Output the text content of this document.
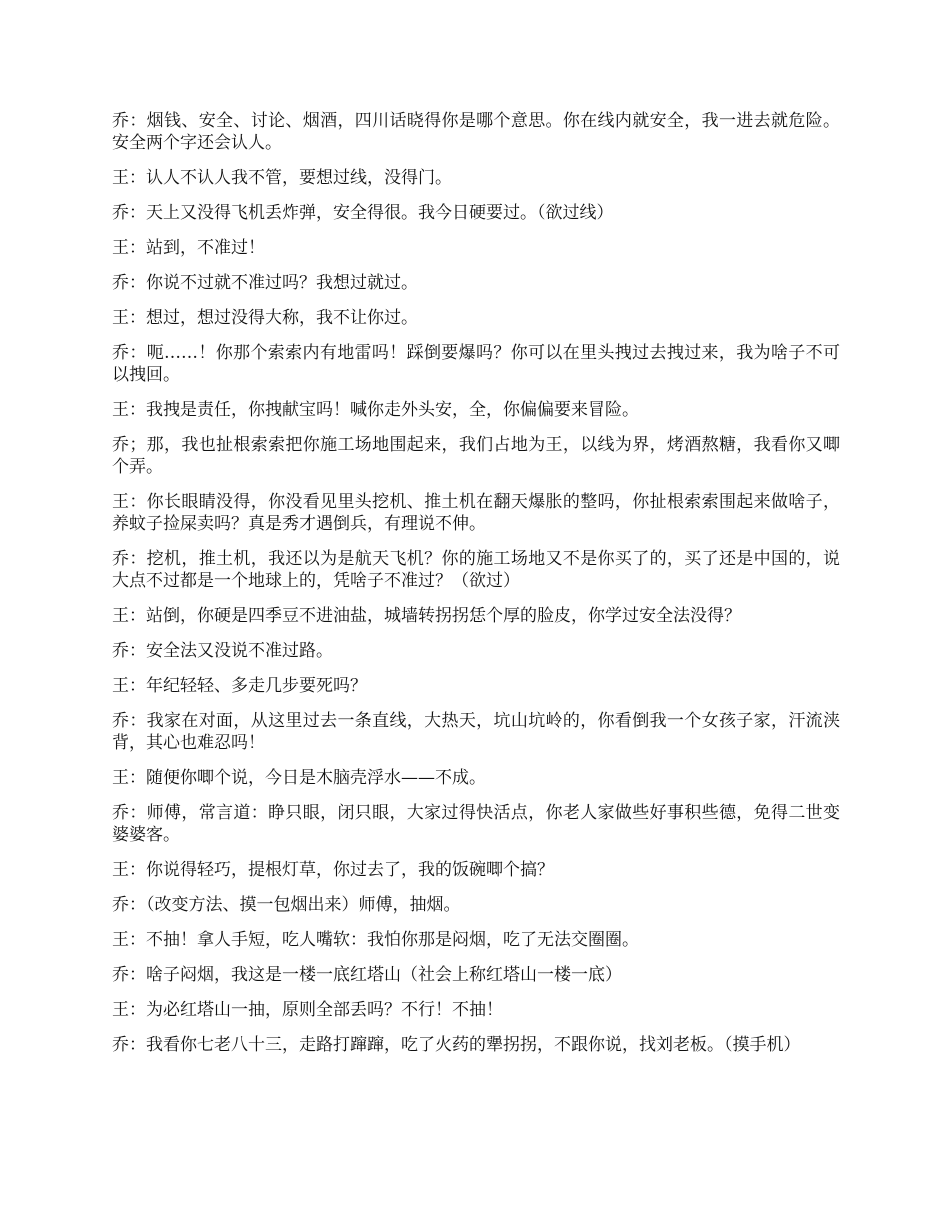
乔：烟钱、安全、讨论、烟酒，四川话晓得你是哪个意思。你在线内就安全，我一进去就危险。安全两个字还会认人。

王：认人不认人我不管，要想过线，没得门。

乔：天上又没得飞机丢炸弹，安全得很。我今日硬要过。（欲过线）

王：站到，不准过！

乔：你说不过就不准过吗？我想过就过。

王：想过，想过没得大称，我不让你过。

乔：呃……！你那个索索内有地雷吗！踩倒要爆吗？你可以在里头拽过去拽过来，我为啥子不可以拽回。

王：我拽是责任，你拽献宝吗！喊你走外头安，全，你偏偏要来冒险。

乔；那，我也扯根索索把你施工场地围起来，我们占地为王，以线为界，烤酒熬糖，我看你又唧个弄。

王：你长眼睛没得，你没看见里头挖机、推土机在翻天爆胀的整吗，你扯根索索围起来做啥子，养蚊子捡屎卖吗？真是秀才遇倒兵，有理说不伸。

乔：挖机，推土机，我还以为是航天飞机？你的施工场地又不是你买了的，买了还是中国的，说大点不过都是一个地球上的，凭啥子不准过？（欲过）

王：站倒，你硬是四季豆不进油盐，城墙转拐拐恁个厚的脸皮，你学过安全法没得？

乔：安全法又没说不准过路。

王：年纪轻轻、多走几步要死吗？

乔：我家在对面，从这里过去一条直线，大热天，坑山坑岭的，你看倒我一个女孩子家，汗流浃背，其心也难忍吗！

王：随便你唧个说，今日是木脑壳浮水——不成。

乔：师傅，常言道：睁只眼，闭只眼，大家过得快活点，你老人家做些好事积些德，免得二世变婆婆客。

王：你说得轻巧，提根灯草，你过去了，我的饭碗唧个搞？

乔：（改变方法、摸一包烟出来）师傅，抽烟。

王：不抽！拿人手短，吃人嘴软：我怕你那是闷烟，吃了无法交圈圈。

乔：啥子闷烟，我这是一楼一底红塔山（社会上称红塔山一楼一底）

王：为必红塔山一抽，原则全部丢吗？不行！不抽！

乔：我看你七老八十三，走路打蹿蹿，吃了火药的犟拐拐，不跟你说，找刘老板。（摸手机）
